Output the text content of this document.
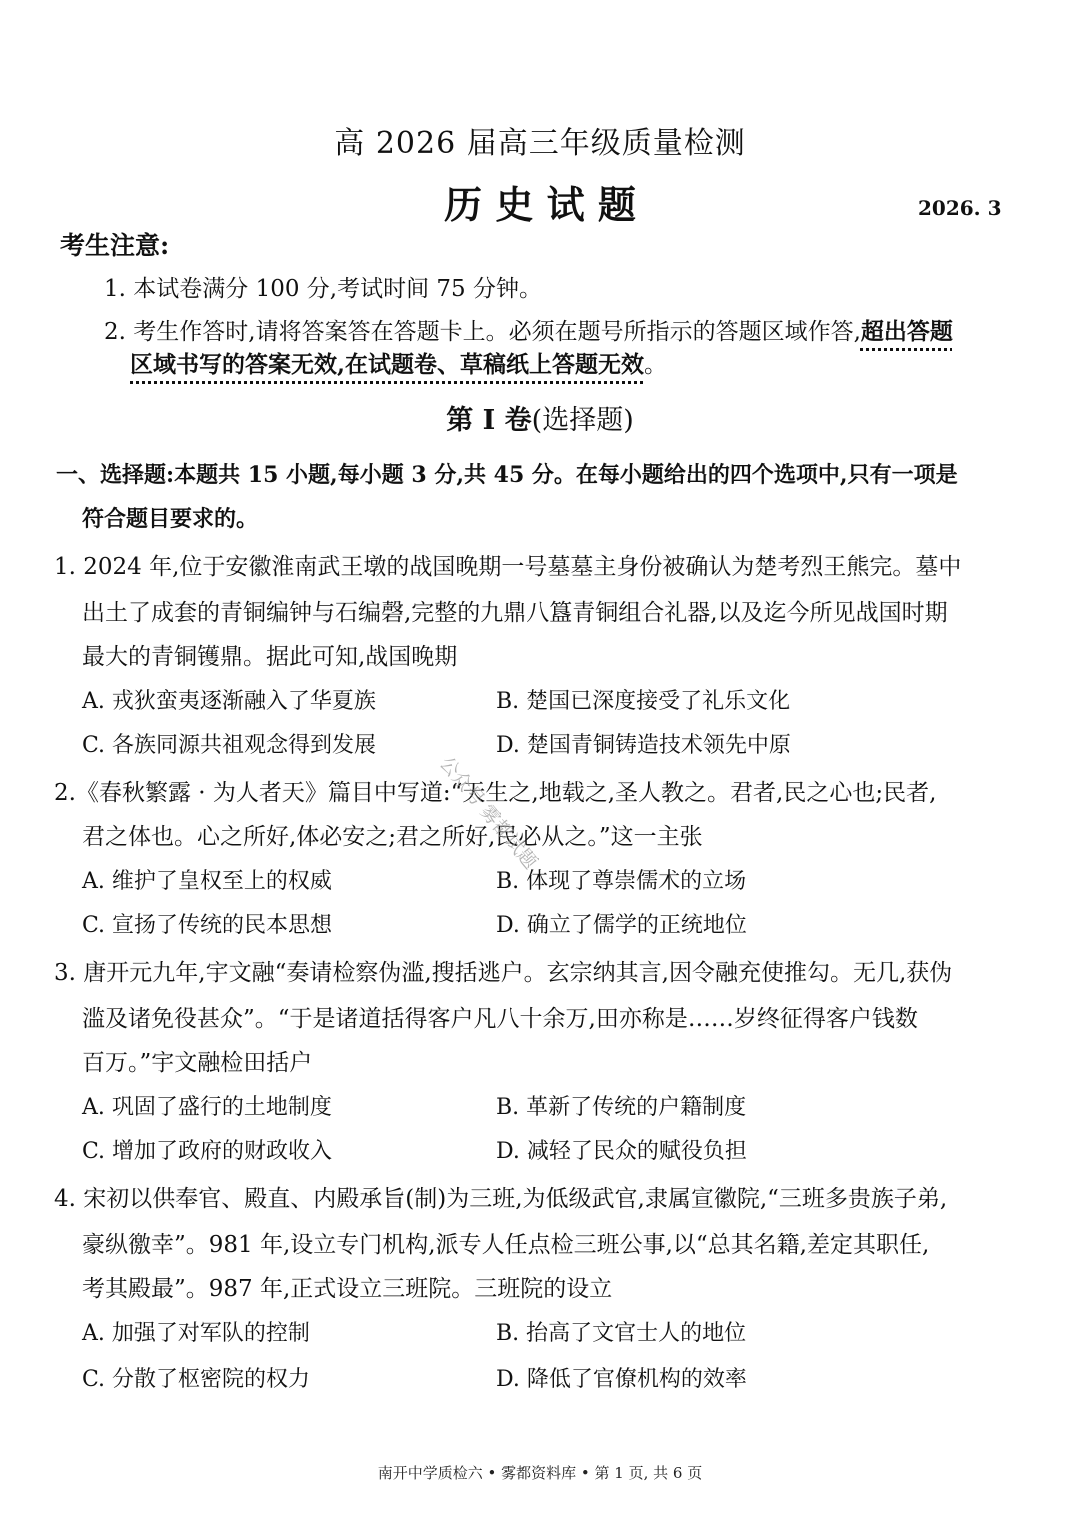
高 2026 届高三年级质量检测
历 史 试 题	2026. 3
考生注意:
1. 本试卷满分 100 分,考试时间 75 分钟。
2. 考生作答时,请将答案答在答题卡上。必须在题号所指示的答题区域作答,超出答题
区域书写的答案无效,在试题卷、草稿纸上答题无效。
第 I 卷(选择题)
一、选择题:本题共 15 小题,每小题 3 分,共 45 分。在每小题给出的四个选项中,只有一项是
符合题目要求的。
1. 2024 年,位于安徽淮南武王墩的战国晚期一号墓墓主身份被确认为楚考烈王熊完。墓中
出土了成套的青铜编钟与石编磬,完整的九鼎八簋青铜组合礼器,以及迄今所见战国时期
最大的青铜镬鼎。据此可知,战国晚期
A. 戎狄蛮夷逐渐融入了华夏族	B. 楚国已深度接受了礼乐文化
C. 各族同源共祖观念得到发展	D. 楚国青铜铸造技术领先中原
2.《春秋繁露 · 为人者天》篇目中写道:“天生之,地载之,圣人教之。君者,民之心也;民者,
君之体也。心之所好,体必安之;君之所好,民必从之。”这一主张
A. 维护了皇权至上的权威	B. 体现了尊崇儒术的立场
C. 宣扬了传统的民本思想	D. 确立了儒学的正统地位
3. 唐开元九年,宇文融“奏请检察伪滥,搜括逃户。玄宗纳其言,因令融充使推勾。无几,获伪
滥及诸免役甚众”。“于是诸道括得客户凡八十余万,田亦称是……岁终征得客户钱数
百万。”宇文融检田括户
A. 巩固了盛行的土地制度	B. 革新了传统的户籍制度
C. 增加了政府的财政收入	D. 减轻了民众的赋役负担
4. 宋初以供奉官、殿直、内殿承旨(制)为三班,为低级武官,隶属宣徽院,“三班多贵族子弟,
豪纵徼幸”。981 年,设立专门机构,派专人任点检三班公事,以“总其名籍,差定其职任,
考其殿最”。987 年,正式设立三班院。三班院的设立
A. 加强了对军队的控制	B. 抬高了文官士人的地位
C. 分散了枢密院的权力	D. 降低了官僚机构的效率
公众号 雾都试题
南开中学质检六 • 雾都资料库 • 第 1 页, 共 6 页
